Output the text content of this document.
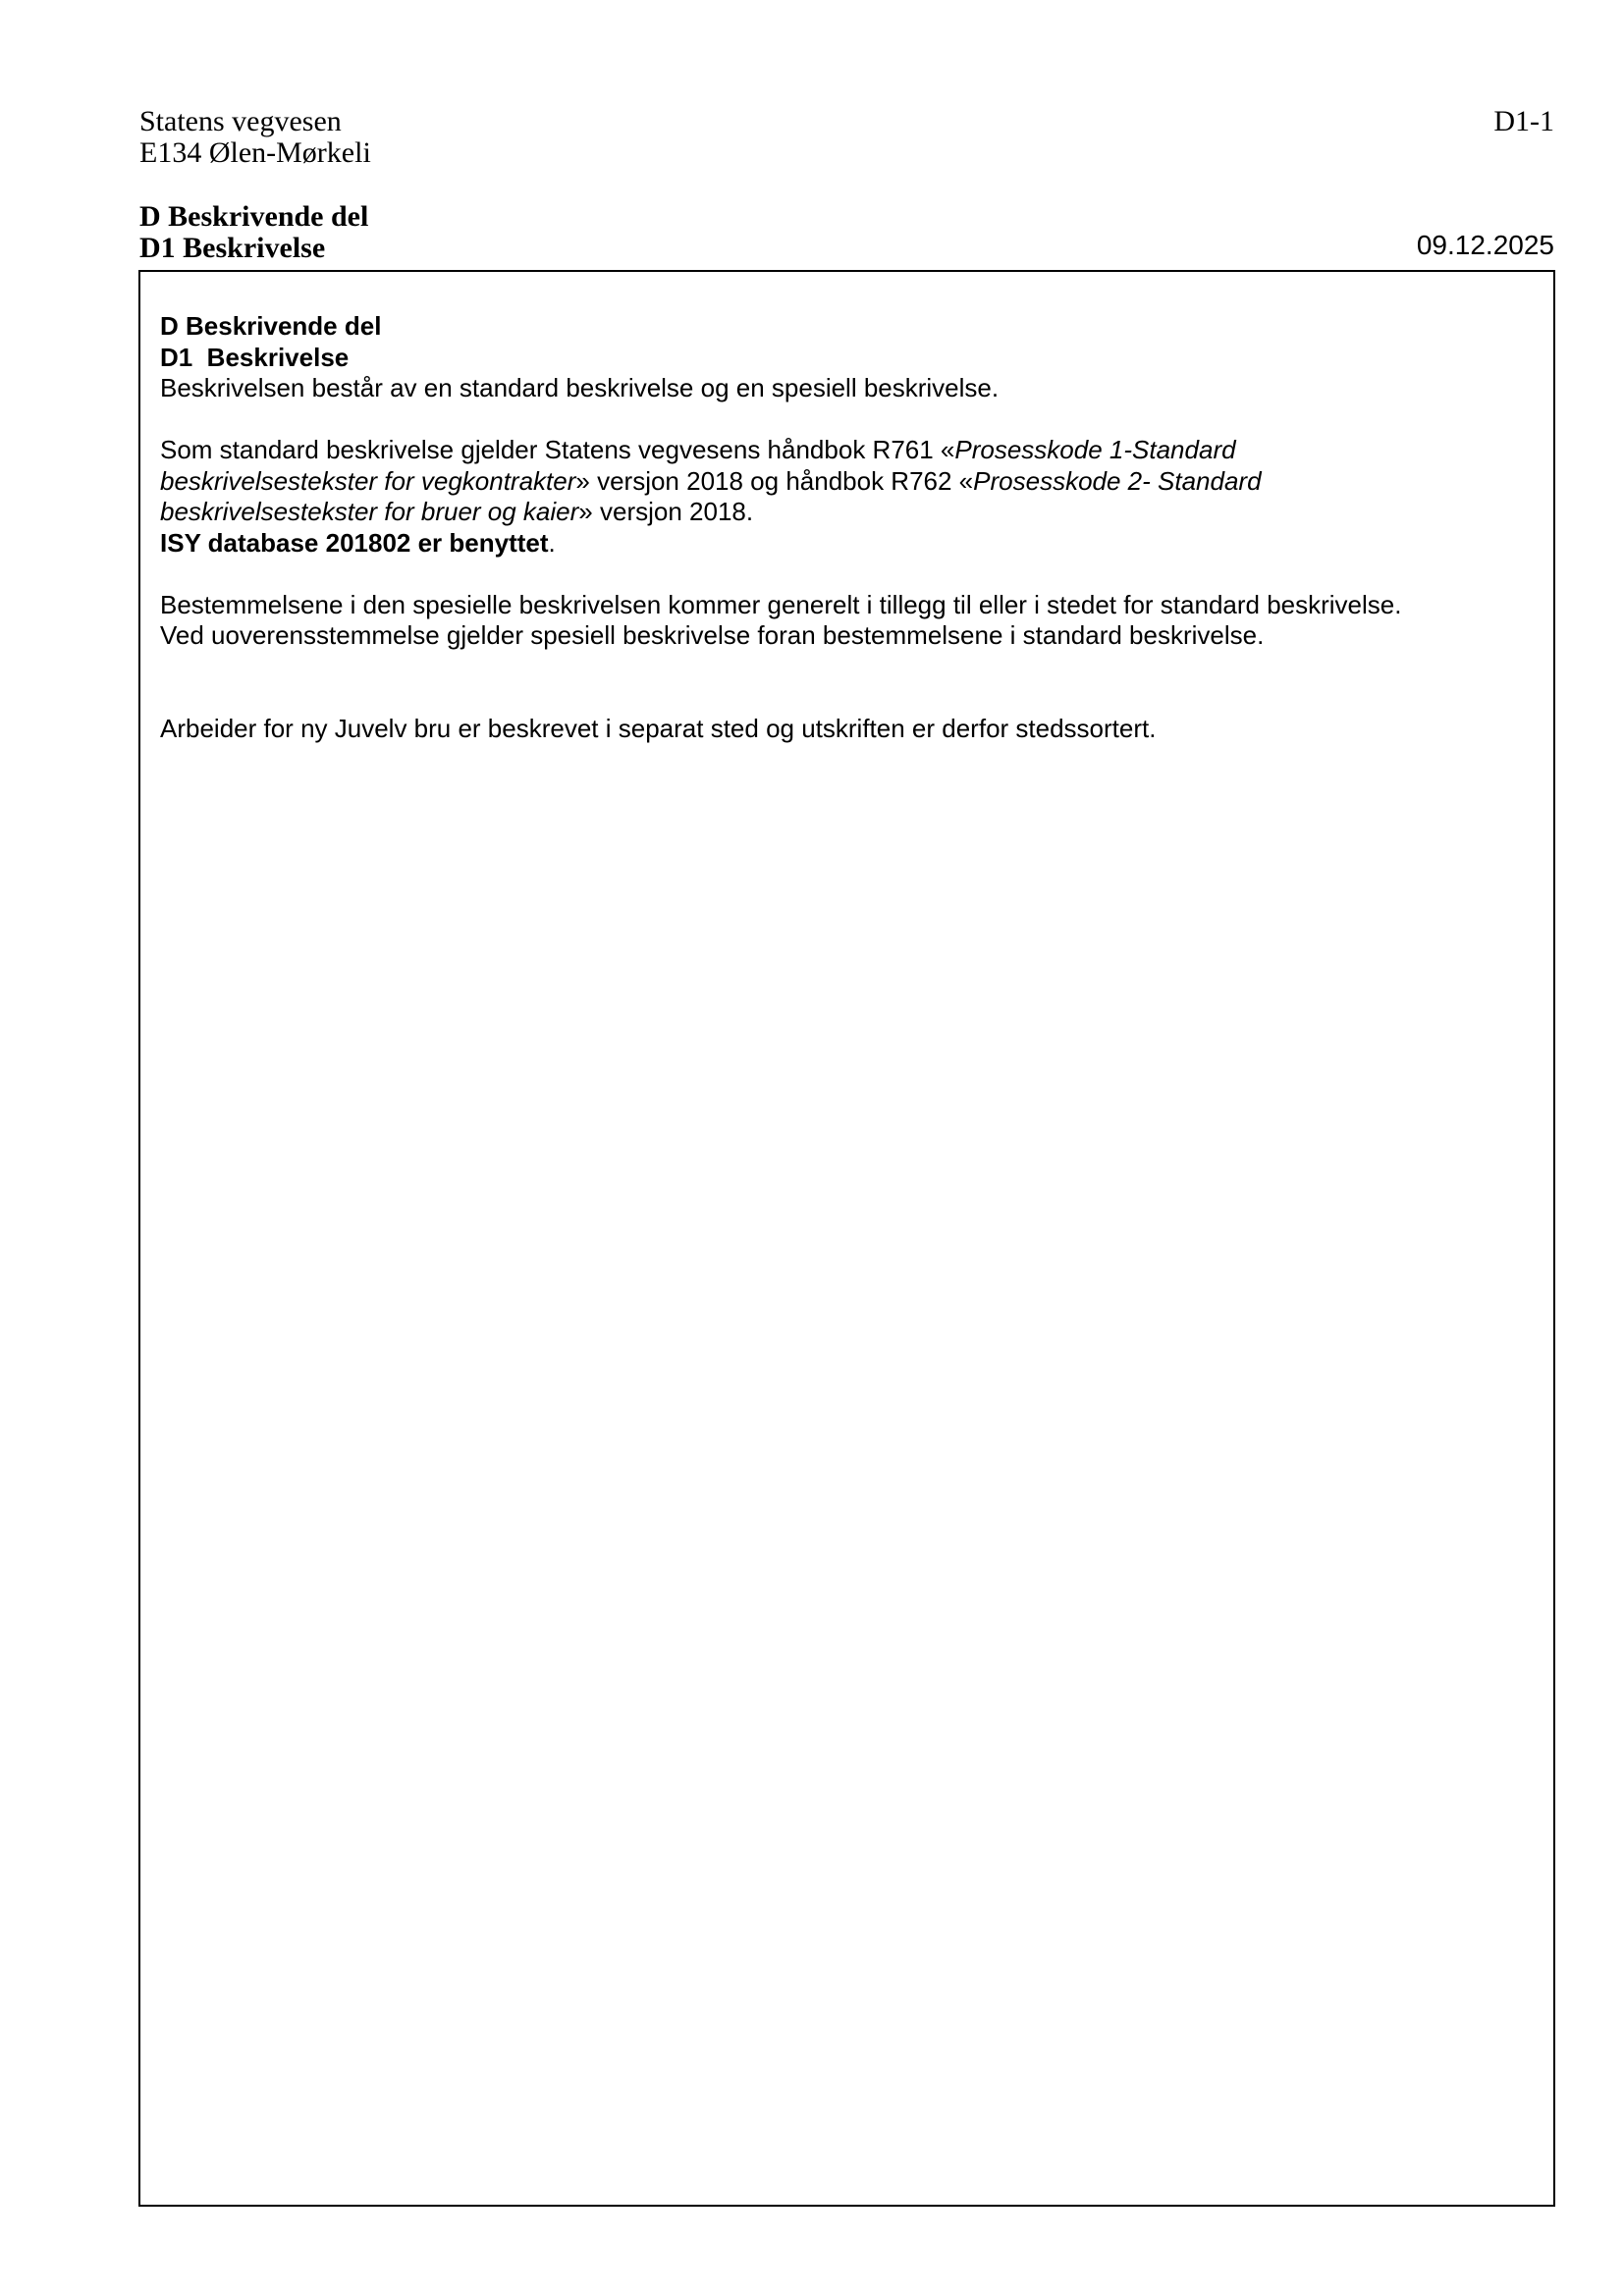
Statens vegvesen
E134 Ølen-Mørkeli
D1-1
D Beskrivende del
D1 Beskrivelse	09.12.2025

D Beskrivende del

D1  Beskrivelse

Beskrivelsen består av en standard beskrivelse og en spesiell beskrivelse.

Som standard beskrivelse gjelder Statens vegvesens håndbok R761 «Prosesskode 1-Standard

beskrivelsestekster for vegkontrakter» versjon 2018 og håndbok R762 «Prosesskode 2- Standard

beskrivelsestekster for bruer og kaier» versjon 2018.

ISY database 201802 er benyttet.

Bestemmelsene i den spesielle beskrivelsen kommer generelt i tillegg til eller i stedet for standard beskrivelse.

Ved uoverensstemmelse gjelder spesiell beskrivelse foran bestemmelsene i standard beskrivelse.

Arbeider for ny Juvelv bru er beskrevet i separat sted og utskriften er derfor stedssortert.
